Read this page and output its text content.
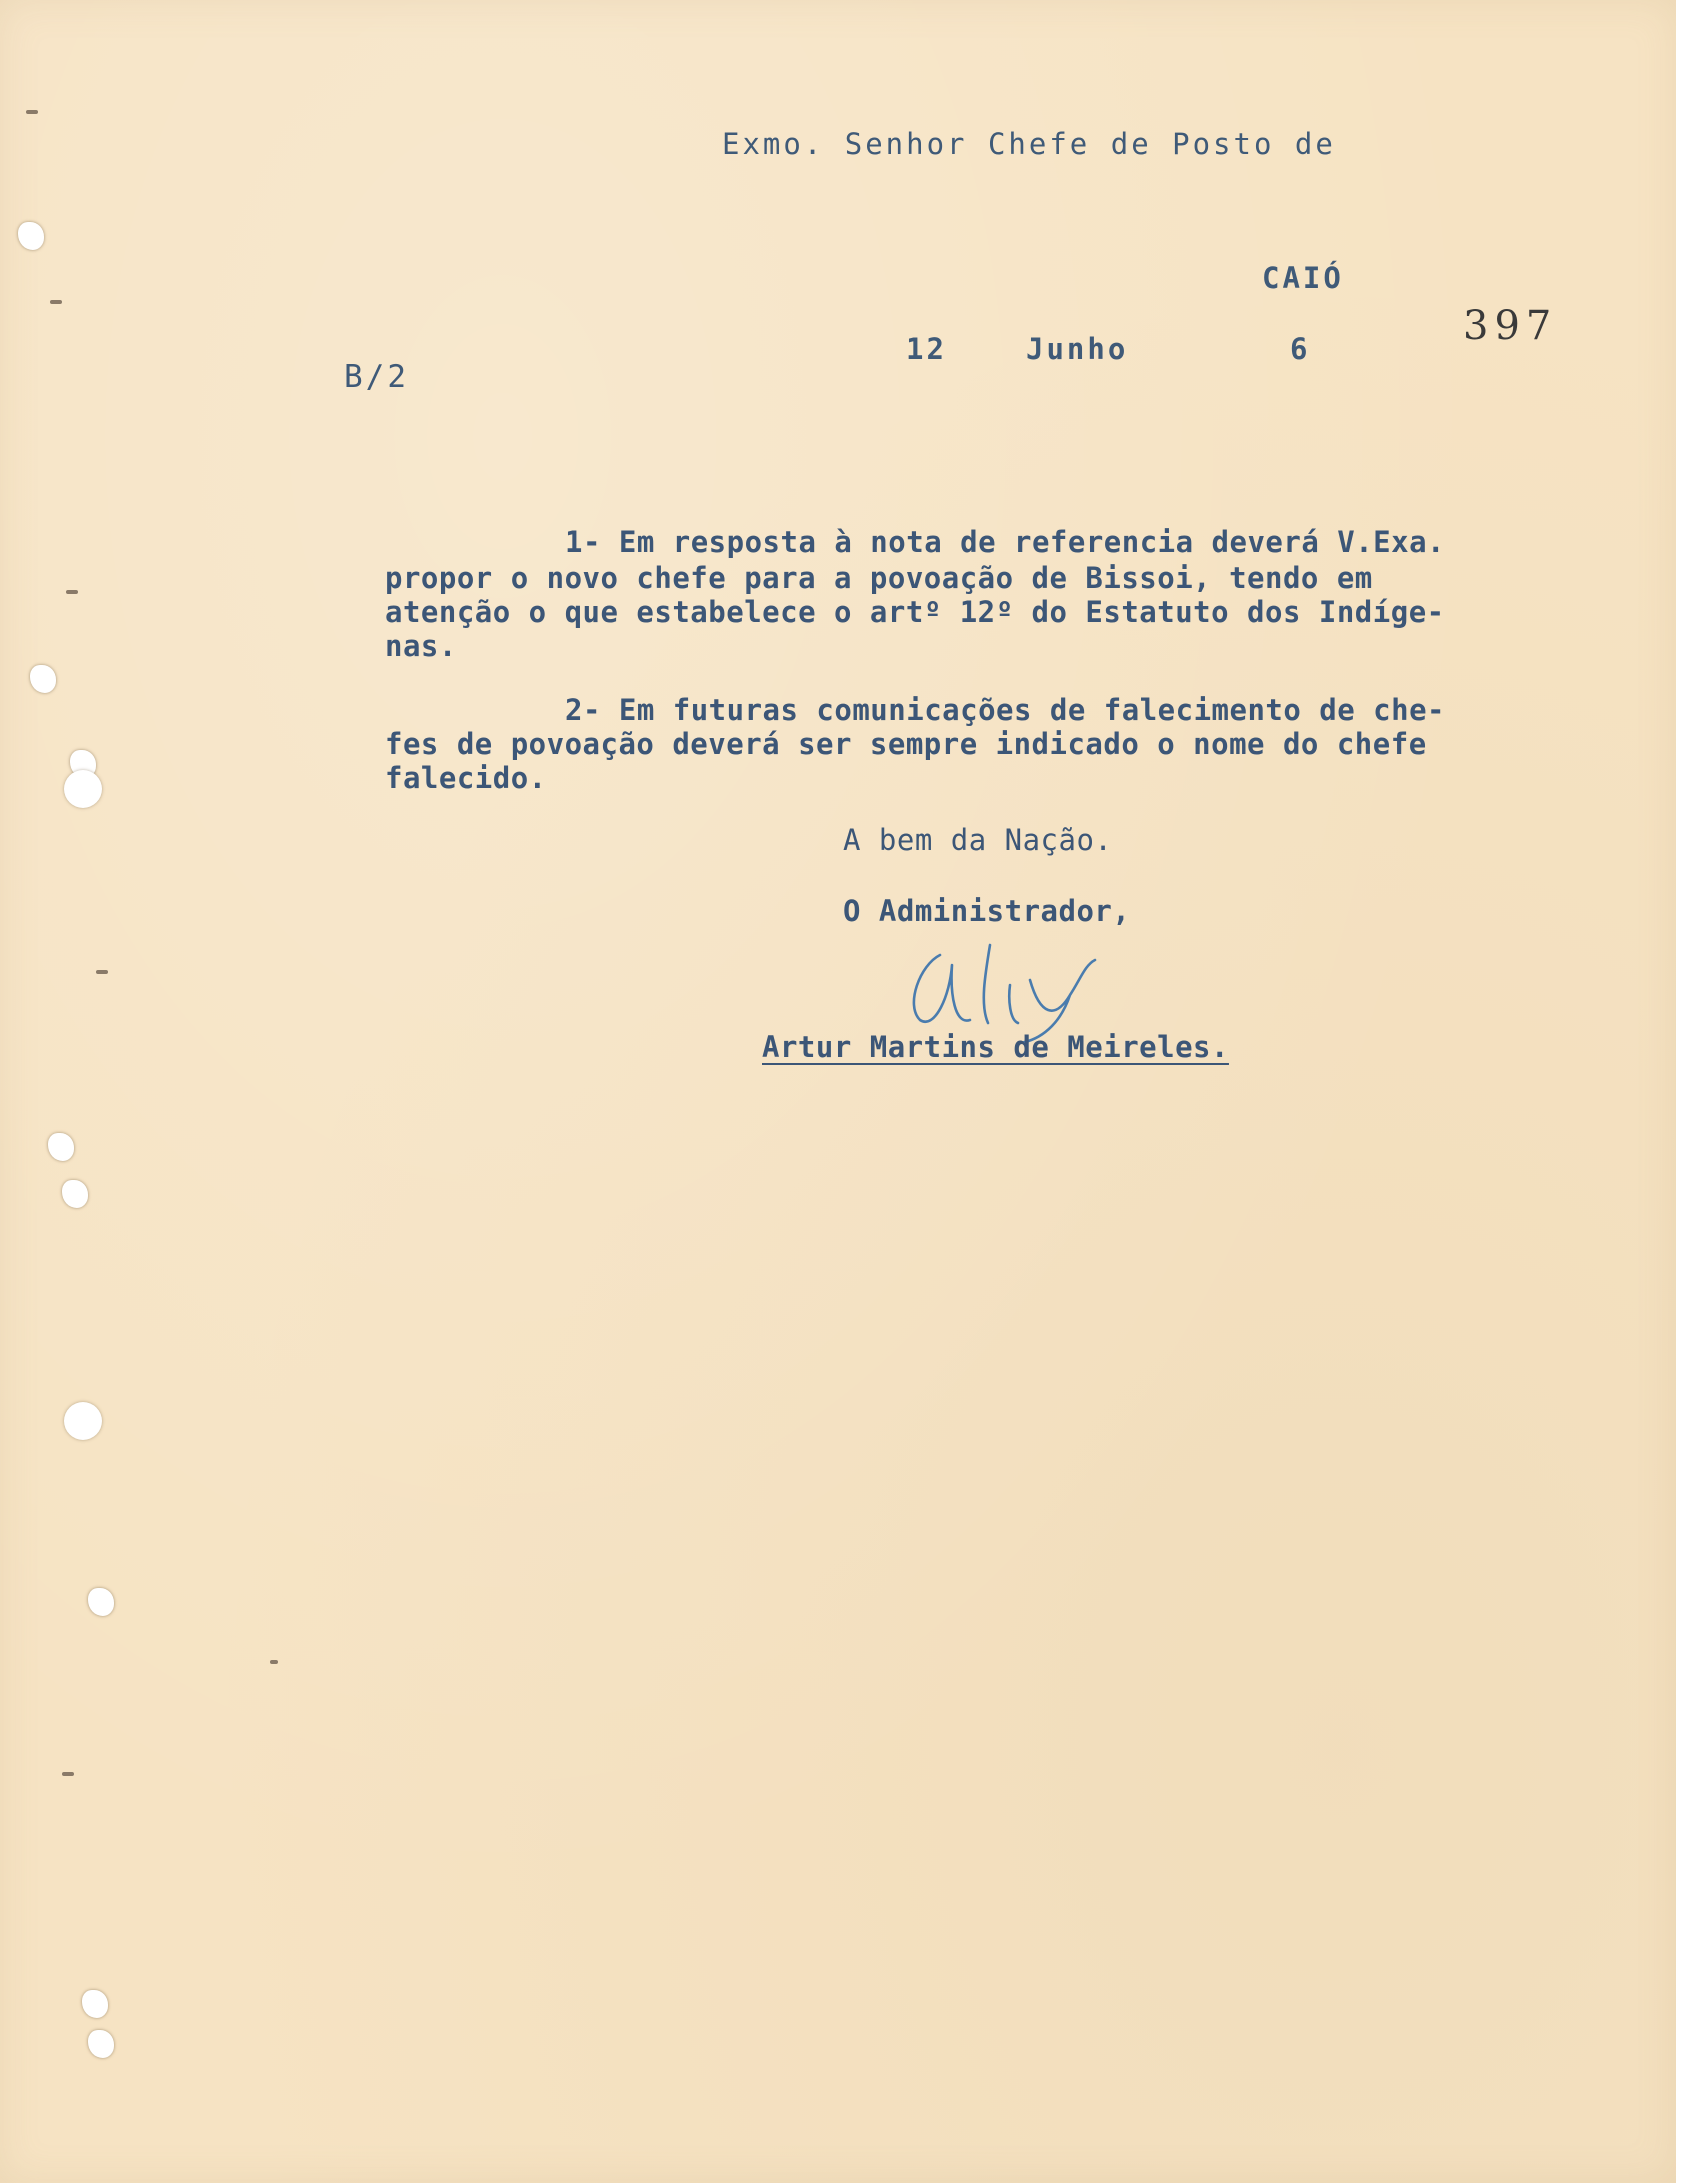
Exmo. Senhor Chefe de Posto de
CAIÓ
B/2
12	Junho	6	397
1- Em resposta à nota de referencia deverá V.Exa.
propor o novo chefe para a povoação de Bissoi, tendo em
atenção o que estabelece o artº 12º do Estatuto dos Indíge-
nas.
2- Em futuras comunicações de falecimento de che-
fes de povoação deverá ser sempre indicado o nome do chefe
falecido.
A bem da Nação.
O Administrador,
Artur Martins de Meireles.
